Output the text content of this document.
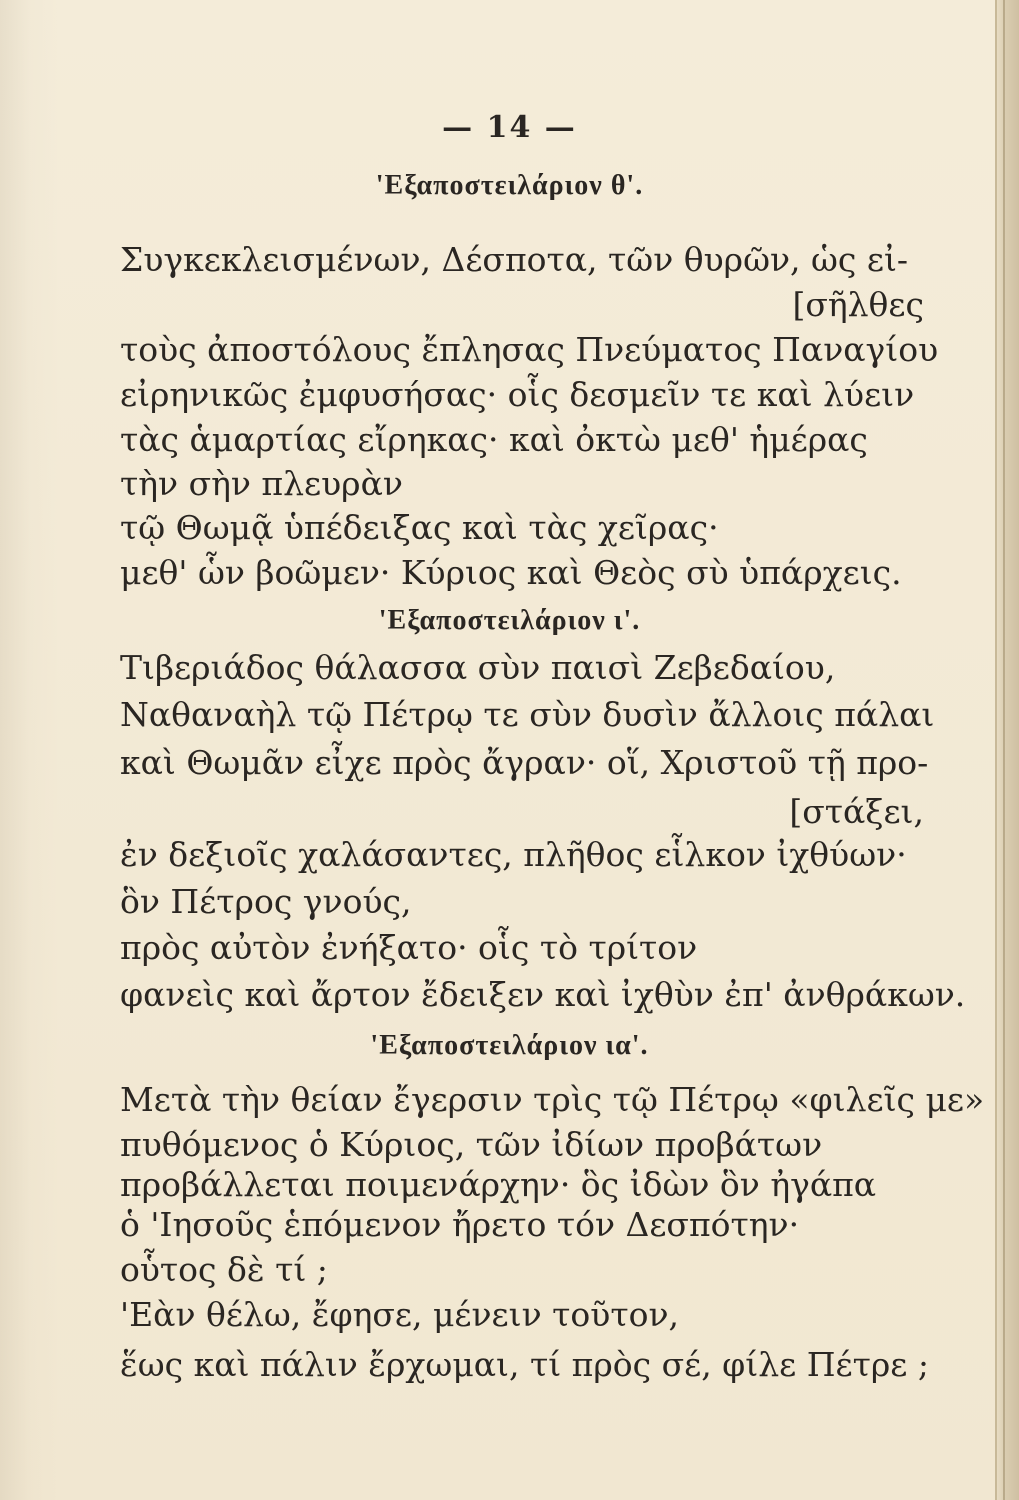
— 14 —
'Εξαποστειλάριον θ'.
Συγκεκλεισμένων, Δέσποτα, τῶν θυρῶν, ὡς εἰ-
[σῆλθες
τοὺς ἀποστόλους ἔπλησας Πνεύματος Παναγίου
εἰρηνικῶς ἐμφυσήσας· οἷς δεσμεῖν τε καὶ λύειν
τὰς ἁμαρτίας εἴρηκας· καὶ ὀκτὼ μεθ' ἡμέρας
τὴν σὴν πλευρὰν
τῷ Θωμᾷ ὑπέδειξας καὶ τὰς χεῖρας·
μεθ' ὧν βοῶμεν· Κύριος καὶ Θεὸς σὺ ὑπάρχεις.
'Εξαποστειλάριον ι'.
Τιβεριάδος θάλασσα σὺν παισὶ Ζεβεδαίου,
Ναθαναὴλ τῷ Πέτρῳ τε σὺν δυσὶν ἄλλοις πάλαι
καὶ Θωμᾶν εἶχε πρὸς ἄγραν· οἵ, Χριστοῦ τῇ προ-
[στάξει,
ἐν δεξιοῖς χαλάσαντες, πλῆθος εἷλκον ἰχθύων·
ὃν Πέτρος γνούς,
πρὸς αὐτὸν ἐνήξατο· οἷς τὸ τρίτον
φανεὶς καὶ ἄρτον ἔδειξεν καὶ ἰχθὺν ἐπ' ἀνθράκων.
'Εξαποστειλάριον ια'.
Μετὰ τὴν θείαν ἔγερσιν τρὶς τῷ Πέτρῳ «φιλεῖς με»
πυθόμενος ὁ Κύριος, τῶν ἰδίων προβάτων
προβάλλεται ποιμενάρχην· ὃς ἰδὼν ὃν ἠγάπα
ὁ 'Ιησοῦς ἑπόμενον ἤρετο τόν Δεσπότην·
οὗτος δὲ τί ;
'Εὰν θέλω, ἔφησε, μένειν τοῦτον,
ἕως καὶ πάλιν ἔρχωμαι, τί πρὸς σέ, φίλε Πέτρε ;
